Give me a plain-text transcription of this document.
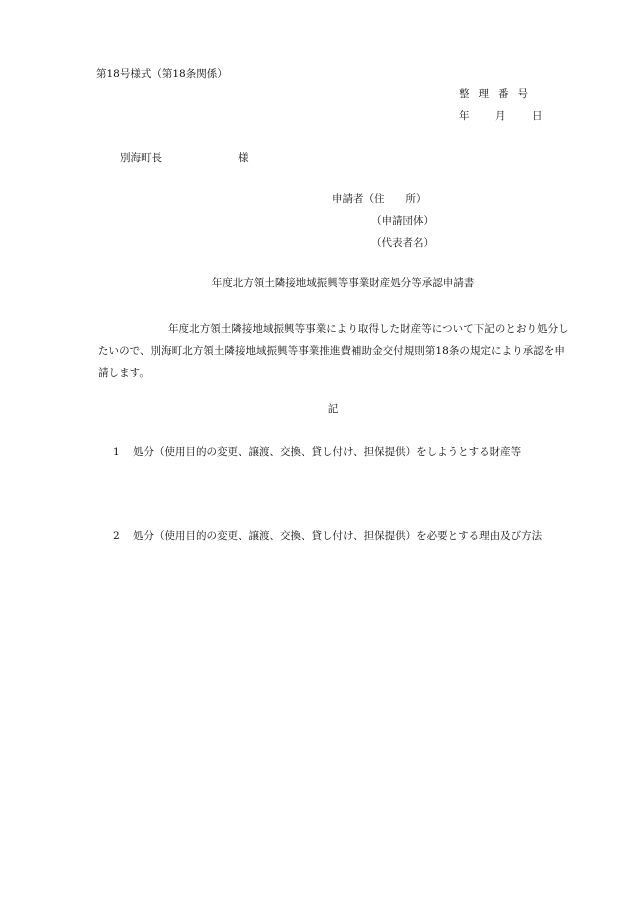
第18号様式（第18条関係）
整理番号
年 月	日
別海町長	様
申請者（住　　所）
（申請団体）
（代表者名）
年度北方領土隣接地域振興等事業財産処分等承認申請書
年度北方領土隣接地域振興等事業により取得した財産等について下記のとおり処分したいので、別海町北方領土隣接地域振興等事業推進費補助金交付規則第18条の規定により承認を申請します。
記
1	処分（使用目的の変更、譲渡、交換、貸し付け、担保提供）をしようとする財産等
2	処分（使用目的の変更、譲渡、交換、貸し付け、担保提供）を必要とする理由及び方法
